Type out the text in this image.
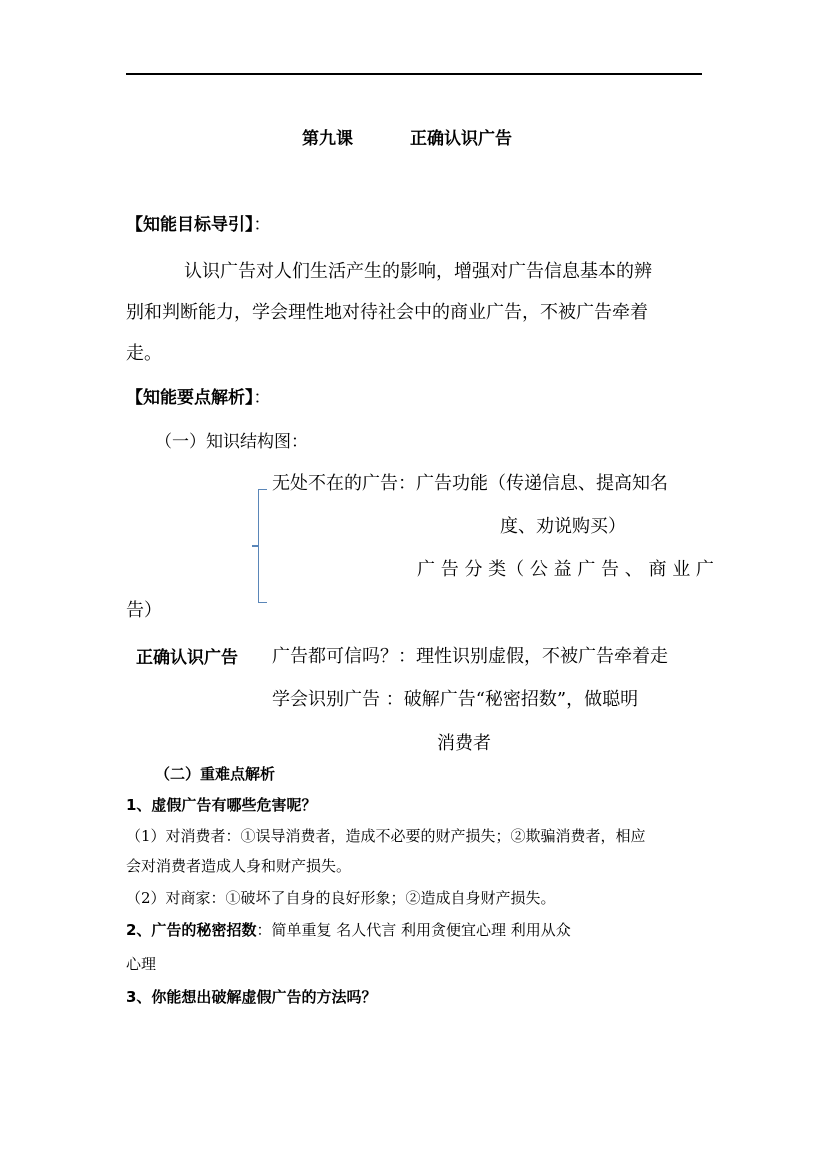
第九课	正确认识广告
【知能目标导引】：
认识广告对人们生活产生的影响，增强对广告信息基本的辨
别和判断能力，学会理性地对待社会中的商业广告，不被广告牵着
走。
【知能要点解析】：
（一）知识结构图：
无处不在的广告：广告功能（传递信息、提高知名
度、劝说购买）
广 告 分 类（ 公 益 广 告 、 商 业 广
告）
正确认识广告 广告都可信吗？：理性识别虚假，不被广告牵着走
学会识别广告 ：破解广告“秘密招数”，做聪明
消费者
（二）重难点解析
1、虚假广告有哪些危害呢？
（1）对消费者：①误导消费者，造成不必要的财产损失；②欺骗消费者，相应
会对消费者造成人身和财产损失。
（2）对商家：①破坏了自身的良好形象；②造成自身财产损失。
2、广告的秘密招数：简单重复 名人代言 利用贪便宜心理 利用从众
心理
3、你能想出破解虚假广告的方法吗？
